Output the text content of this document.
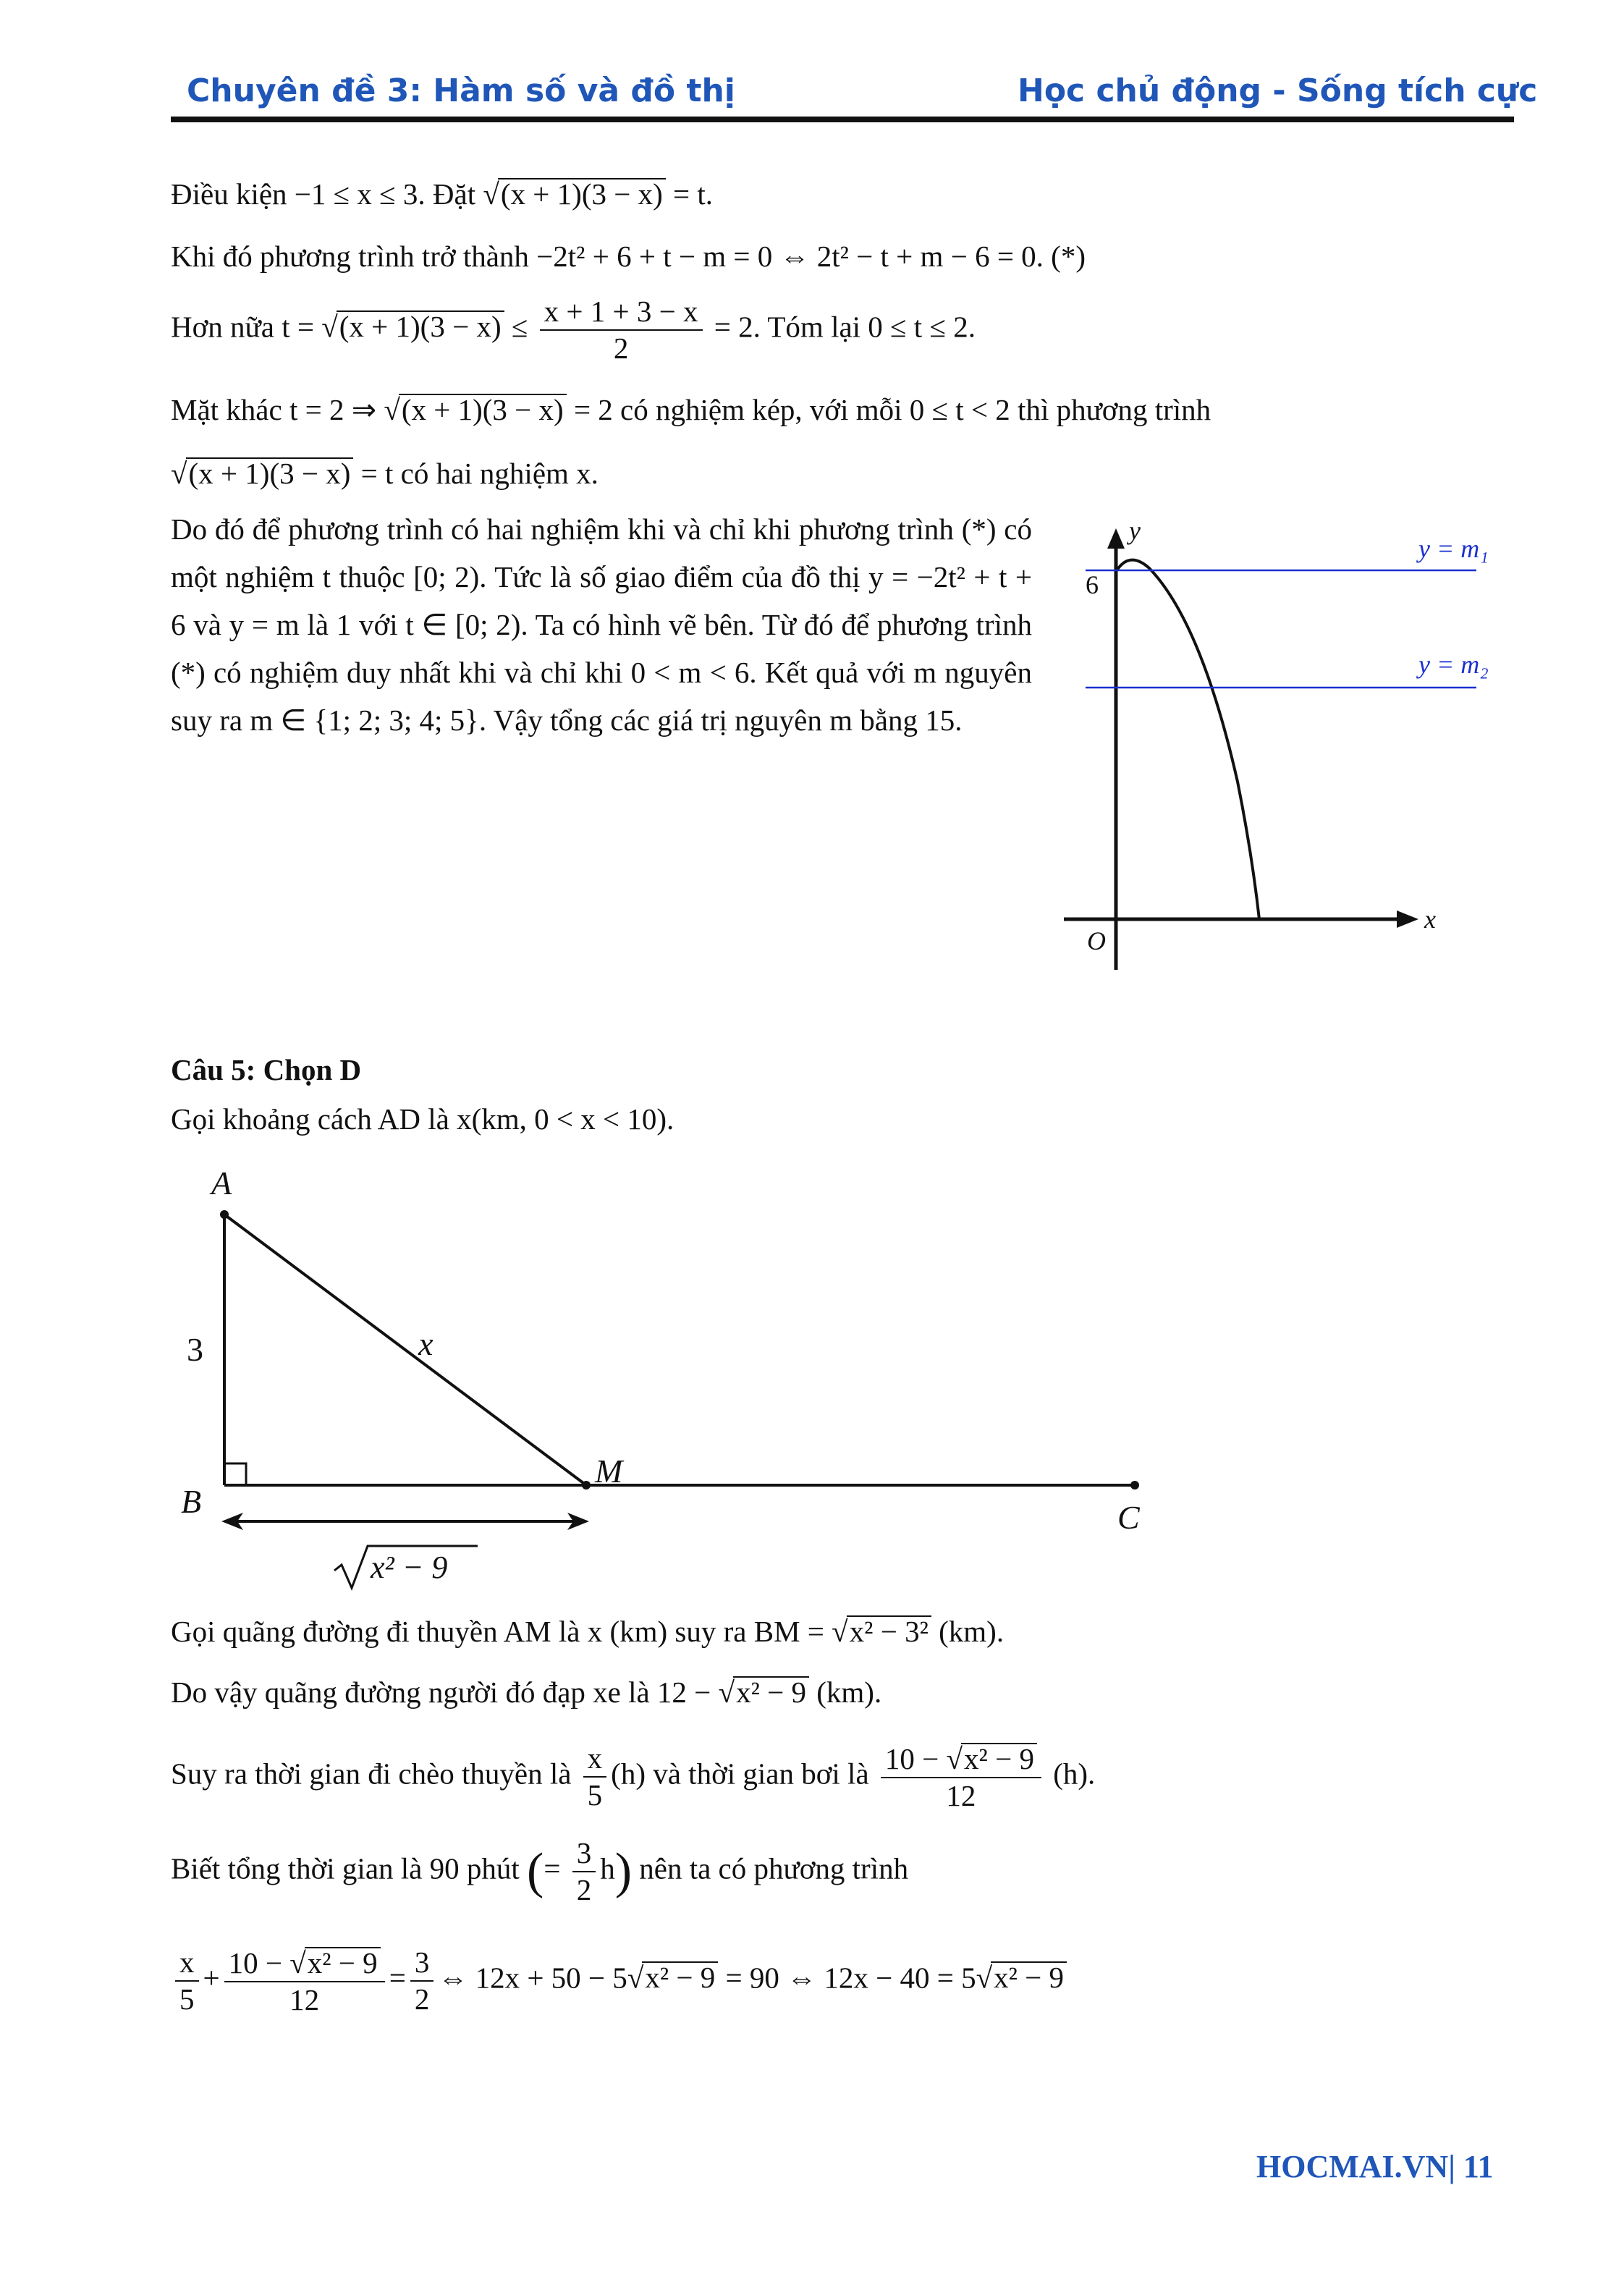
Chuyên đề 3: Hàm số và đồ thị	Học chủ động - Sống tích cực
Điều kiện −1 ≤ x ≤ 3. Đặt √(x + 1)(3 − x) = t.
Khi đó phương trình trở thành −2t² + 6 + t − m = 0 ⇔ 2t² − t + m − 6 = 0. (*)
Hơn nữa $t = √(x + 1)(3 - x) \le \frac{x + 1 + 3 - x}{2} = 2$. Tóm lại 0 ≤ t ≤ 2.
Mặt khác t = 2 ⇒ √(x + 1)(3 − x) = 2 có nghiệm kép, với mỗi 0 ≤ t < 2 thì phương trình
√(x + 1)(3 − x) = t có hai nghiệm x.
Do đó để phương trình có hai nghiệm khi và chỉ khi phương trình (*) có một nghiệm t thuộc [0; 2). Tức là số giao điểm của đồ thị y = −2t² + t + 6 và y = m là 1 với t ∈ [0; 2). Ta có hình vẽ bên. Từ đó để phương trình (*) có nghiệm duy nhất khi và chỉ khi 0 < m < 6. Kết quả với m nguyên suy ra m ∈ {1; 2; 3; 4; 5}. Vậy tổng các giá trị nguyên m bằng 15.
y
x
O
6
y = m₁
y = m₂
Câu 5: Chọn D
Gọi khoảng cách AD là x(km, 0 < x < 10).
A
B
M
C
3	x
x² − 9
Gọi quãng đường đi thuyền AM là x (km) suy ra BM = √x² − 3² (km).
Do vậy quãng đường người đó đạp xe là 12 − √x² − 9 (km).
Suy ra thời gian đi chèo thuyền là $\frac{x}{5} (h)$ và thời gian bơi là $\frac{\text{10 − √x² − 9}}{12} (h)$.
Biết tổng thời gian là 90 phút (= $\frac{3}{2} h$) nên ta có phương trình
$\frac{x}{5} + \frac{\text{10 − √x² − 9}}{12} = \frac{3}{2}$ ⇔ 12x + 50 − 5√x² − 9 = 90 ⇔ 12x − 40 = 5√x² − 9
HOCMAI.VN| 11
